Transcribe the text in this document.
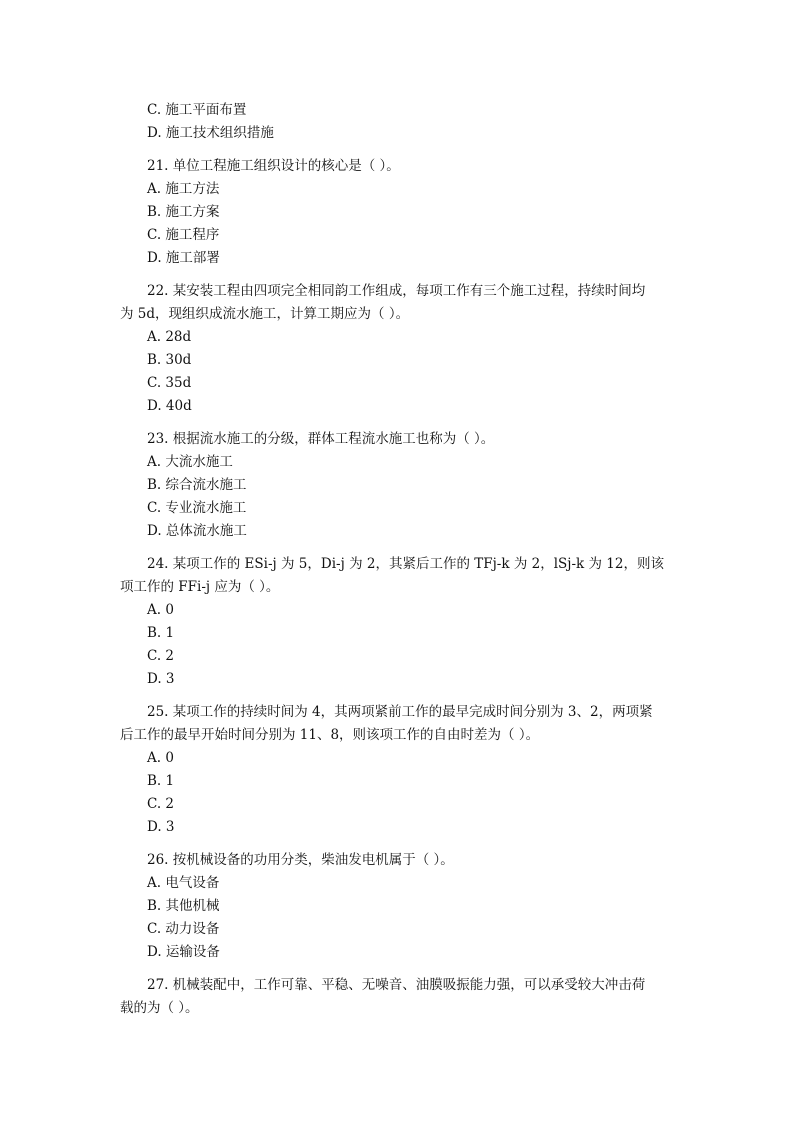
C. 施工平面布置
D. 施工技术组织措施
21. 单位工程施工组织设计的核心是（ ）。
A. 施工方法
B. 施工方案
C. 施工程序
D. 施工部署
22. 某安装工程由四项完全相同韵工作组成，每项工作有三个施工过程，持续时间均
为 5d，现组织成流水施工，计算工期应为（ ）。
A. 28d
B. 30d
C. 35d
D. 40d
23. 根据流水施工的分级，群体工程流水施工也称为（ ）。
A. 大流水施工
B. 综合流水施工
C. 专业流水施工
D. 总体流水施工
24. 某项工作的 ESi-j 为 5，Di-j 为 2，其紧后工作的 TFj-k 为 2，lSj-k 为 12，则该
项工作的 FFi-j 应为（ ）。
A. 0
B. 1
C. 2
D. 3
25. 某项工作的持续时间为 4，其两项紧前工作的最早完成时间分别为 3、2，两项紧
后工作的最早开始时间分别为 11、8，则该项工作的自由时差为（ ）。
A. 0
B. 1
C. 2
D. 3
26. 按机械设备的功用分类，柴油发电机属于（ ）。
A. 电气设备
B. 其他机械
C. 动力设备
D. 运输设备
27. 机械装配中，工作可靠、平稳、无噪音、油膜吸振能力强，可以承受较大冲击荷
载的为（ ）。
